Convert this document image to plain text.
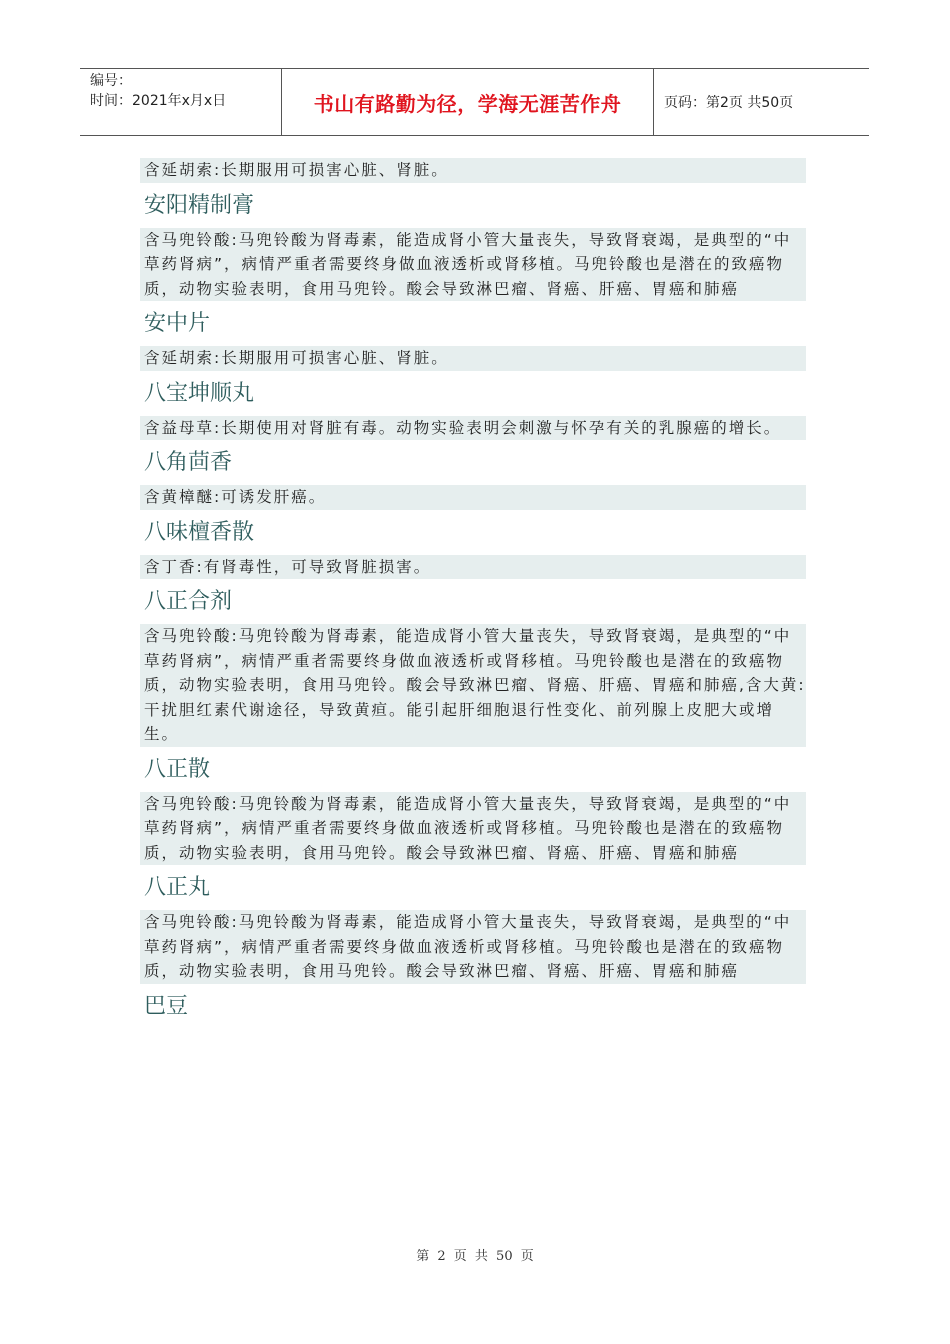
编号：
时间：2021年x月x日	书山有路勤为径，学海无涯苦作舟	页码：第2页 共50页

含延胡索:长期服用可损害心脏、肾脏。

安阳精制膏

含马兜铃酸:马兜铃酸为肾毒素，能造成肾小管大量丧失，导致肾衰竭，是典型的“中草药肾病”，病情严重者需要终身做血液透析或肾移植。马兜铃酸也是潜在的致癌物质，动物实验表明，食用马兜铃。酸会导致淋巴瘤、肾癌、肝癌、胃癌和肺癌

安中片

含延胡索:长期服用可损害心脏、肾脏。

八宝坤顺丸

含益母草:长期使用对肾脏有毒。动物实验表明会刺激与怀孕有关的乳腺癌的增长。

八角茴香

含黄樟醚:可诱发肝癌。

八味檀香散

含丁香:有肾毒性，可导致肾脏损害。

八正合剂

含马兜铃酸:马兜铃酸为肾毒素，能造成肾小管大量丧失，导致肾衰竭，是典型的“中草药肾病”，病情严重者需要终身做血液透析或肾移植。马兜铃酸也是潜在的致癌物质，动物实验表明，食用马兜铃。酸会导致淋巴瘤、肾癌、肝癌、胃癌和肺癌,含大黄:干扰胆红素代谢途径，导致黄疸。能引起肝细胞退行性变化、前列腺上皮肥大或增生。

八正散

含马兜铃酸:马兜铃酸为肾毒素，能造成肾小管大量丧失，导致肾衰竭，是典型的“中草药肾病”，病情严重者需要终身做血液透析或肾移植。马兜铃酸也是潜在的致癌物质，动物实验表明，食用马兜铃。酸会导致淋巴瘤、肾癌、肝癌、胃癌和肺癌

八正丸

含马兜铃酸:马兜铃酸为肾毒素，能造成肾小管大量丧失，导致肾衰竭，是典型的“中草药肾病”，病情严重者需要终身做血液透析或肾移植。马兜铃酸也是潜在的致癌物质，动物实验表明，食用马兜铃。酸会导致淋巴瘤、肾癌、肝癌、胃癌和肺癌

巴豆
第 2 页 共 50 页
